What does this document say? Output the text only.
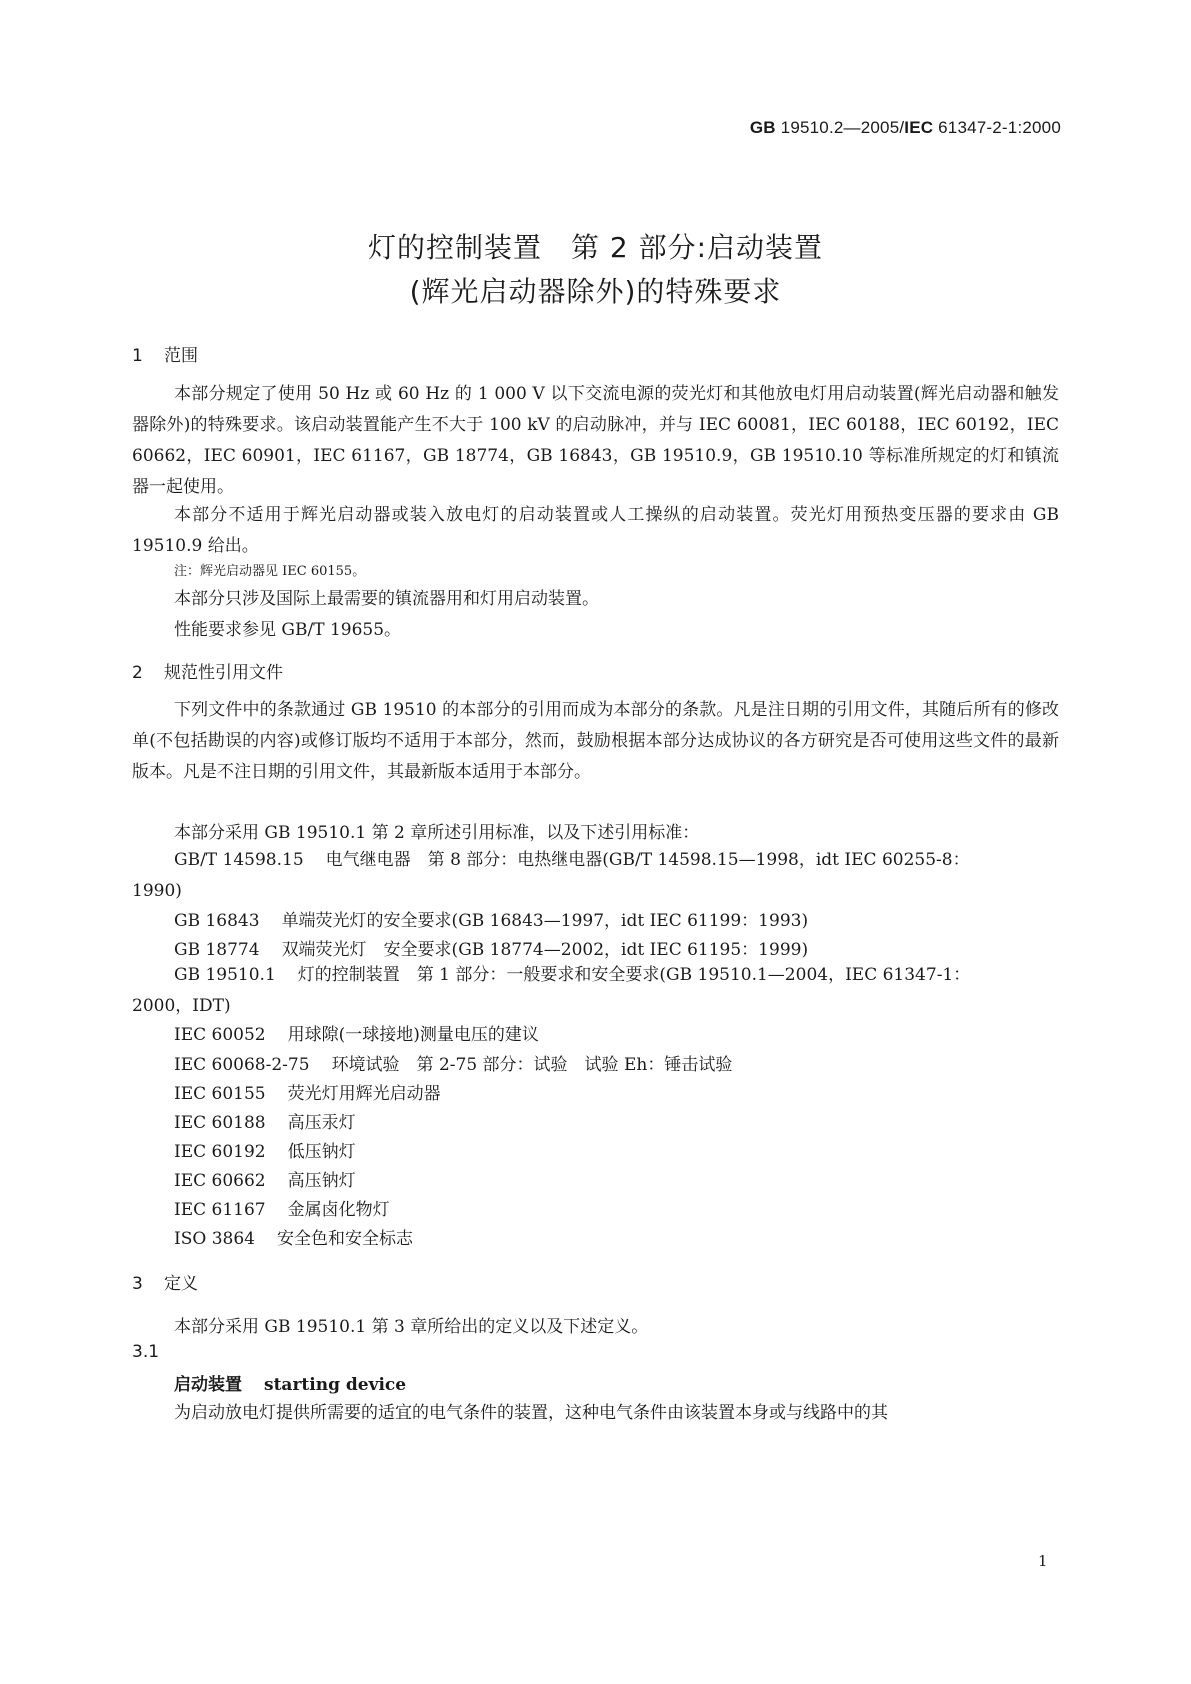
GB 19510.2—2005/IEC 61347-2-1:2000
灯的控制装置　第 2 部分:启动装置
(辉光启动器除外)的特殊要求
1 范围
本部分规定了使用 50 Hz 或 60 Hz 的 1 000 V 以下交流电源的荧光灯和其他放电灯用启动装置(辉光启动器和触发器除外)的特殊要求。该启动装置能产生不大于 100 kV 的启动脉冲，并与 IEC 60081，IEC 60188，IEC 60192，IEC 60662，IEC 60901，IEC 61167，GB 18774，GB 16843，GB 19510.9，GB 19510.10 等标准所规定的灯和镇流器一起使用。
本部分不适用于辉光启动器或装入放电灯的启动装置或人工操纵的启动装置。荧光灯用预热变压器的要求由 GB 19510.9 给出。
注：辉光启动器见 IEC 60155。
本部分只涉及国际上最需要的镇流器用和灯用启动装置。
性能要求参见 GB/T 19655。
2 规范性引用文件
下列文件中的条款通过 GB 19510 的本部分的引用而成为本部分的条款。凡是注日期的引用文件，其随后所有的修改单(不包括勘误的内容)或修订版均不适用于本部分，然而，鼓励根据本部分达成协议的各方研究是否可使用这些文件的最新版本。凡是不注日期的引用文件，其最新版本适用于本部分。
本部分采用 GB 19510.1 第 2 章所述引用标准，以及下述引用标准：
GB/T 14598.15 电气继电器　第 8 部分：电热继电器(GB/T 14598.15—1998，idt IEC 60255-8：
1990)
GB 16843 单端荧光灯的安全要求(GB 16843—1997，idt IEC 61199：1993)
GB 18774 双端荧光灯　安全要求(GB 18774—2002，idt IEC 61195：1999)
GB 19510.1 灯的控制装置　第 1 部分：一般要求和安全要求(GB 19510.1—2004，IEC 61347-1：
2000，IDT)
IEC 60052 用球隙(一球接地)测量电压的建议
IEC 60068-2-75 环境试验　第 2-75 部分：试验　试验 Eh：锤击试验
IEC 60155 荧光灯用辉光启动器
IEC 60188 高压汞灯
IEC 60192 低压钠灯
IEC 60662 高压钠灯
IEC 61167 金属卤化物灯
ISO 3864 安全色和安全标志
3 定义
本部分采用 GB 19510.1 第 3 章所给出的定义以及下述定义。
3.1
启动装置 starting device
为启动放电灯提供所需要的适宜的电气条件的装置，这种电气条件由该装置本身或与线路中的其
1
